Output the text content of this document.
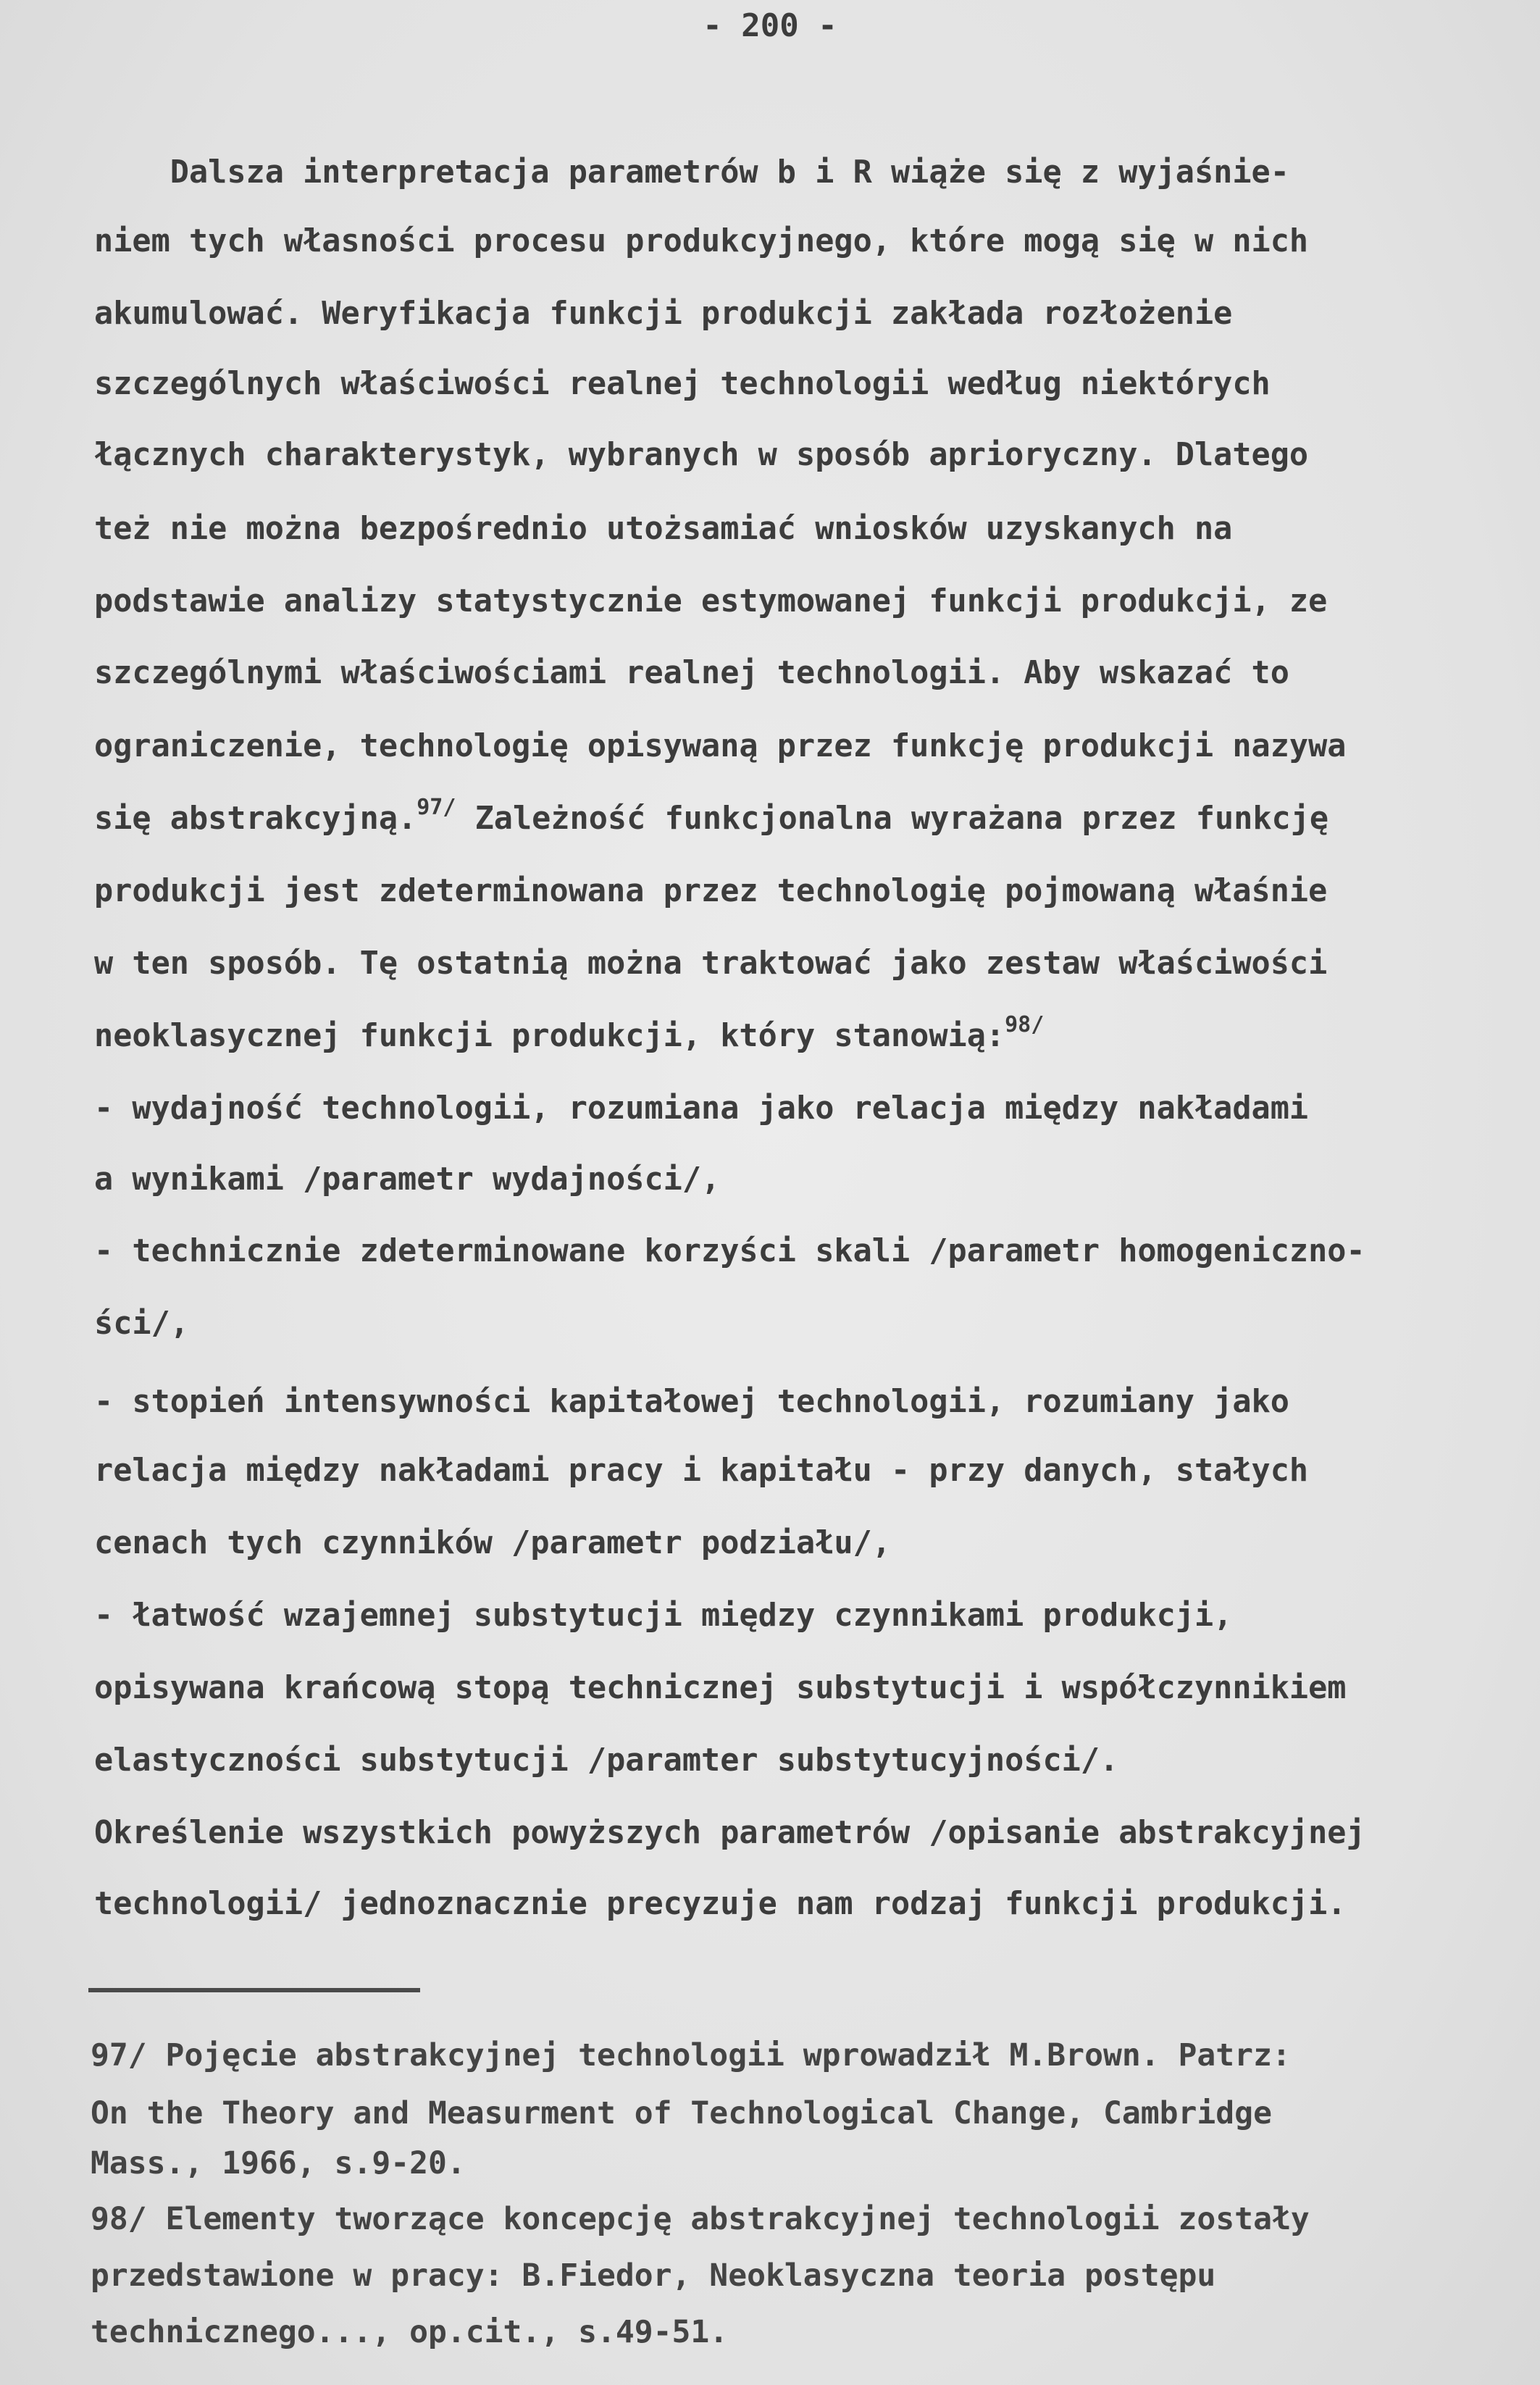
- 200 -
Dalsza interpretacja parametrów b i R wiąże się z wyjaśnie-
niem tych własności procesu produkcyjnego, które mogą się w nich
akumulować. Weryfikacja funkcji produkcji zakłada rozłożenie
szczególnych właściwości realnej technologii według niektórych
łącznych charakterystyk, wybranych w sposób aprioryczny. Dlatego
też nie można bezpośrednio utożsamiać wniosków uzyskanych na
podstawie analizy statystycznie estymowanej funkcji produkcji, ze
szczególnymi właściwościami realnej technologii. Aby wskazać to
ograniczenie, technologię opisywaną przez funkcję produkcji nazywa
się abstrakcyjną.$^{97/}$ Zależność funkcjonalna wyrażana przez funkcję
produkcji jest zdeterminowana przez technologię pojmowaną właśnie
w ten sposób. Tę ostatnią można traktować jako zestaw właściwości
neoklasycznej funkcji produkcji, który stanowią:$^{98/}$
- wydajność technologii, rozumiana jako relacja między nakładami
a wynikami /parametr wydajności/,
- technicznie zdeterminowane korzyści skali /parametr homogeniczno-
ści/,
- stopień intensywności kapitałowej technologii, rozumiany jako
relacja między nakładami pracy i kapitału - przy danych, stałych
cenach tych czynników /parametr podziału/,
- łatwość wzajemnej substytucji między czynnikami produkcji,
opisywana krańcową stopą technicznej substytucji i współczynnikiem
elastyczności substytucji /paramter substytucyjności/.
Określenie wszystkich powyższych parametrów /opisanie abstrakcyjnej
technologii/ jednoznacznie precyzuje nam rodzaj funkcji produkcji.
97/ Pojęcie abstrakcyjnej technologii wprowadził M.Brown. Patrz:
On the Theory and Measurment of Technological Change, Cambridge
Mass., 1966, s.9-20.
98/ Elementy tworzące koncepcję abstrakcyjnej technologii zostały
przedstawione w pracy: B.Fiedor, Neoklasyczna teoria postępu
technicznego..., op.cit., s.49-51.
